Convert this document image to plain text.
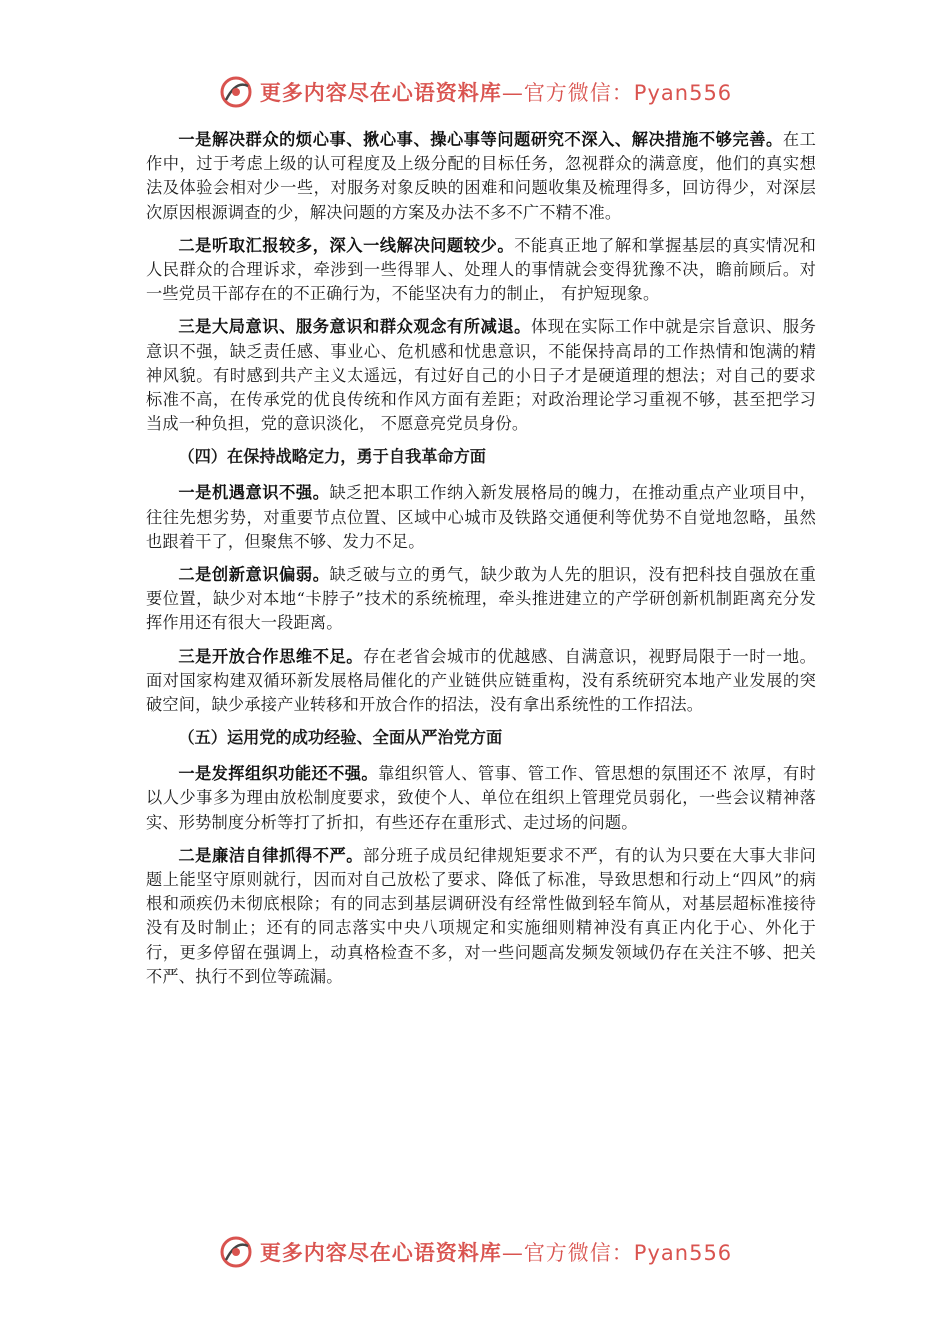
更多内容尽在心语资料库—官方微信：Pyan556

一是解决群众的烦心事、揪心事、操心事等问题研究不深入、解决措施不够完善。在工作中，过于考虑上级的认可程度及上级分配的目标任务，忽视群众的满意度，他们的真实想法及体验会相对少一些，对服务对象反映的困难和问题收集及梳理得多，回访得少，对深层次原因根源调查的少，解决问题的方案及办法不多不广不精不准。

二是听取汇报较多，深入一线解决问题较少。不能真正地了解和掌握基层的真实情况和人民群众的合理诉求，牵涉到一些得罪人、处理人的事情就会变得犹豫不决，瞻前顾后。对一些党员干部存在的不正确行为，不能坚决有力的制止， 有护短现象。

三是大局意识、服务意识和群众观念有所减退。体现在实际工作中就是宗旨意识、服务意识不强，缺乏责任感、事业心、危机感和忧患意识，不能保持高昂的工作热情和饱满的精神风貌。有时感到共产主义太遥远，有过好自己的小日子才是硬道理的想法；对自己的要求标准不高，在传承党的优良传统和作风方面有差距；对政治理论学习重视不够，甚至把学习当成一种负担，党的意识淡化， 不愿意亮党员身份。

（四）在保持战略定力，勇于自我革命方面

一是机遇意识不强。缺乏把本职工作纳入新发展格局的魄力，在推动重点产业项目中，往往先想劣势，对重要节点位置、区域中心城市及铁路交通便利等优势不自觉地忽略，虽然也跟着干了，但聚焦不够、发力不足。

二是创新意识偏弱。缺乏破与立的勇气，缺少敢为人先的胆识，没有把科技自强放在重要位置，缺少对本地“卡脖子”技术的系统梳理，牵头推进建立的产学研创新机制距离充分发挥作用还有很大一段距离。

三是开放合作思维不足。存在老省会城市的优越感、自满意识，视野局限于一时一地。面对国家构建双循环新发展格局催化的产业链供应链重构，没有系统研究本地产业发展的突破空间，缺少承接产业转移和开放合作的招法，没有拿出系统性的工作招法。

（五）运用党的成功经验、全面从严治党方面

一是发挥组织功能还不强。靠组织管人、管事、管工作、管思想的氛围还不 浓厚，有时以人少事多为理由放松制度要求，致使个人、单位在组织上管理党员弱化，一些会议精神落实、形势制度分析等打了折扣，有些还存在重形式、走过场的问题。

二是廉洁自律抓得不严。部分班子成员纪律规矩要求不严，有的认为只要在大事大非问题上能坚守原则就行，因而对自己放松了要求、降低了标准，导致思想和行动上“四风”的病根和顽疾仍未彻底根除；有的同志到基层调研没有经常性做到轻车简从，对基层超标准接待没有及时制止；还有的同志落实中央八项规定和实施细则精神没有真正内化于心、外化于行，更多停留在强调上，动真格检查不多，对一些问题高发频发领域仍存在关注不够、把关不严、执行不到位等疏漏。

更多内容尽在心语资料库—官方微信：Pyan556
